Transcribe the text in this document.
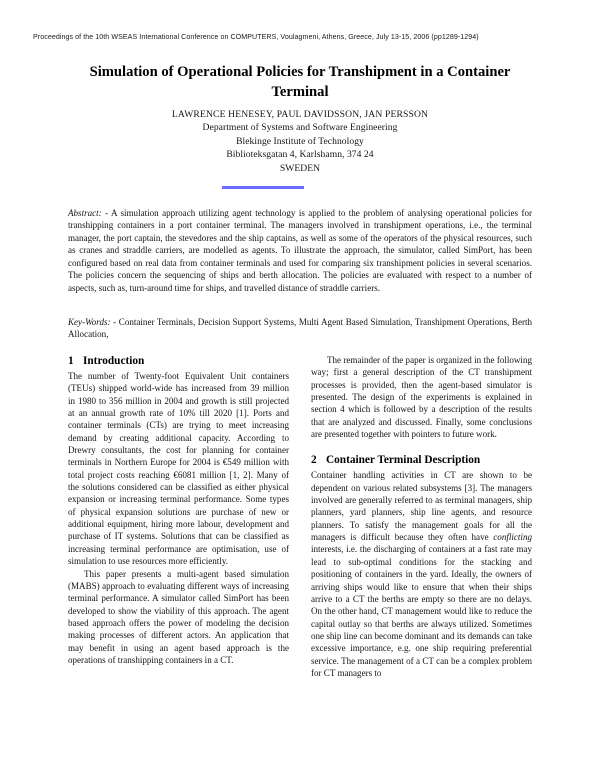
Proceedings of the 10th WSEAS International Conference on COMPUTERS, Voulagmeni, Athens, Greece, July 13-15, 2006 (pp1289-1294)
Simulation of Operational Policies for Transhipment in a Container Terminal
LAWRENCE HENESEY, PAUL DAVIDSSON, JAN PERSSON
Department of Systems and Software Engineering
Blekinge Institute of Technology
Biblioteksgatan 4, Karlshamn, 374 24
SWEDEN

Abstract: - A simulation approach utilizing agent technology is applied to the problem of analysing operational policies for transhipping containers in a port container terminal. The managers involved in transhipment operations, i.e., the terminal manager, the port captain, the stevedores and the ship captains, as well as some of the operators of the physical resources, such as cranes and straddle carriers, are modelled as agents. To illustrate the approach, the simulator, called SimPort, has been configured based on real data from container terminals and used for comparing six transhipment policies in several scenarios. The policies concern the sequencing of ships and berth allocation. The policies are evaluated with respect to a number of aspects, such as, turn-around time for ships, and travelled distance of straddle carriers.

Key-Words: - Container Terminals, Decision Support Systems, Multi Agent Based Simulation, Transhipment Operations, Berth Allocation,

1 Introduction

The number of Twenty-foot Equivalent Unit containers (TEUs) shipped world-wide has increased from 39 million in 1980 to 356 million in 2004 and growth is still projected at an annual growth rate of 10% till 2020 [1]. Ports and container terminals (CTs) are trying to meet increasing demand by creating additional capacity. According to Drewry consultants, the cost for planning for container terminals in Northern Europe for 2004 is €549 million with total project costs reaching €6081 million [1, 2]. Many of the solutions considered can be classified as either physical expansion or increasing terminal performance. Some types of physical expansion solutions are purchase of new or additional equipment, hiring more labour, development and purchase of IT systems. Solutions that can be classified as increasing terminal performance are optimisation, use of simulation to use resources more efficiently.

This paper presents a multi-agent based simulation (MABS) approach to evaluating different ways of increasing terminal performance. A simulator called SimPort has been developed to show the viability of this approach. The agent based approach offers the power of modeling the decision making processes of different actors. An application that may benefit in using an agent based approach is the operations of transhipping containers in a CT.

The remainder of the paper is organized in the following way; first a general description of the CT transhipment processes is provided, then the agent-based simulator is presented. The design of the experiments is explained in section 4 which is followed by a description of the results that are analyzed and discussed. Finally, some conclusions are presented together with pointers to future work.

2 Container Terminal Description

Container handling activities in CT are shown to be dependent on various related subsystems [3]. The managers involved are generally referred to as terminal managers, ship planners, yard planners, ship line agents, and resource planners. To satisfy the management goals for all the managers is difficult because they often have conflicting interests, i.e. the discharging of containers at a fast rate may lead to sub-optimal conditions for the stacking and positioning of containers in the yard. Ideally, the owners of arriving ships would like to ensure that when their ships arrive to a CT the berths are empty so there are no delays. On the other hand, CT management would like to reduce the capital outlay so that berths are always utilized. Sometimes one ship line can become dominant and its demands can take excessive importance, e.g. one ship requiring preferential service. The management of a CT can be a complex problem for CT managers to
